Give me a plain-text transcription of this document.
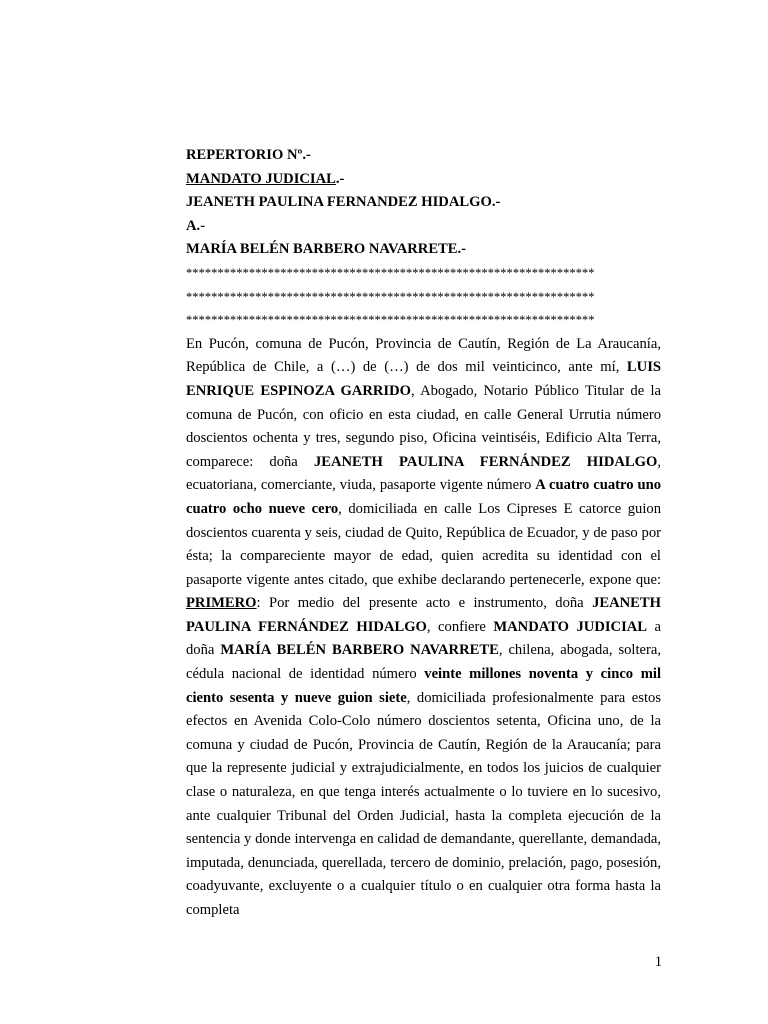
REPERTORIO Nº.-
MANDATO JUDICIAL.-
JEANETH PAULINA FERNANDEZ HIDALGO.-
A.-
MARÍA BELÉN BARBERO NAVARRETE.-
*****************************************************************
*****************************************************************
*****************************************************************

En Pucón, comuna de Pucón, Provincia de Cautín, Región de La Araucanía, República de Chile, a (…) de (…) de dos mil veinticinco, ante mí, LUIS ENRIQUE ESPINOZA GARRIDO, Abogado, Notario Público Titular de la comuna de Pucón, con oficio en esta ciudad, en calle General Urrutia número doscientos ochenta y tres, segundo piso, Oficina veintiséis, Edificio Alta Terra, comparece: doña JEANETH PAULINA FERNÁNDEZ HIDALGO, ecuatoriana, comerciante, viuda, pasaporte vigente número A cuatro cuatro uno cuatro ocho nueve cero, domiciliada en calle Los Cipreses E catorce guion doscientos cuarenta y seis, ciudad de Quito, República de Ecuador, y de paso por ésta; la compareciente mayor de edad, quien acredita su identidad con el pasaporte vigente antes citado, que exhibe declarando pertenecerle, expone que: PRIMERO: Por medio del presente acto e instrumento, doña JEANETH PAULINA FERNÁNDEZ HIDALGO, confiere MANDATO JUDICIAL a doña MARÍA BELÉN BARBERO NAVARRETE, chilena, abogada, soltera, cédula nacional de identidad número veinte millones noventa y cinco mil ciento sesenta y nueve guion siete, domiciliada profesionalmente para estos efectos en Avenida Colo-Colo número doscientos setenta, Oficina uno, de la comuna y ciudad de Pucón, Provincia de Cautín, Región de la Araucanía; para que la represente judicial y extrajudicialmente, en todos los juicios de cualquier clase o naturaleza, en que tenga interés actualmente o lo tuviere en lo sucesivo, ante cualquier Tribunal del Orden Judicial, hasta la completa ejecución de la sentencia y donde intervenga en calidad de demandante, querellante, demandada, imputada, denunciada, querellada, tercero de dominio, prelación, pago, posesión, coadyuvante, excluyente o a cualquier título o en cualquier otra forma hasta la completa

1
